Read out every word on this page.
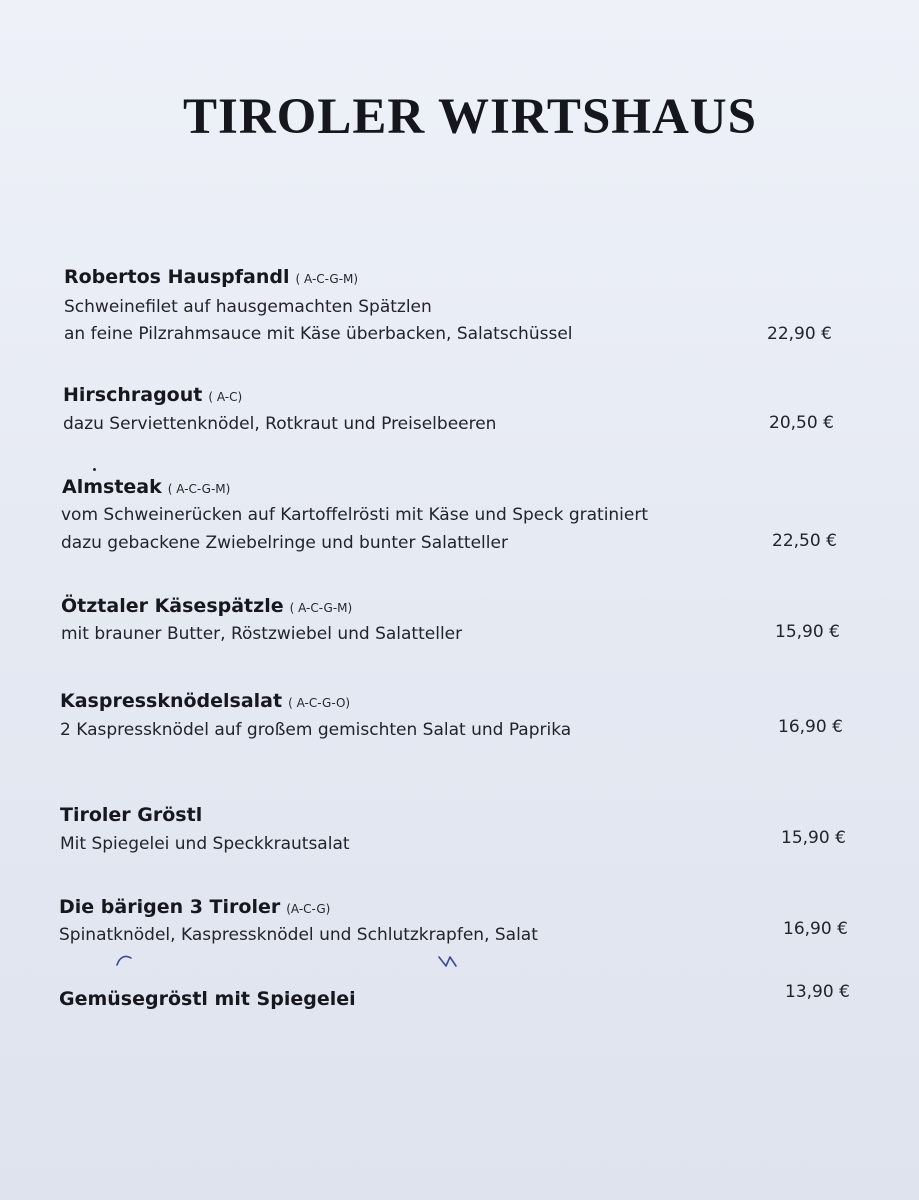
TIROLER WIRTSHAUS
Robertos Hauspfandl ( A-C-G-M)
Schweinefilet auf hausgemachten Spätzlen
an feine Pilzrahmsauce mit Käse überbacken, Salatschüssel	22,90 €
Hirschragout ( A-C)
dazu Serviettenknödel, Rotkraut und Preiselbeeren	20,50 €
Almsteak ( A-C-G-M)
vom Schweinerücken auf Kartoffelrösti mit Käse und Speck gratiniert
dazu gebackene Zwiebelringe und bunter Salatteller	22,50 €
Ötztaler Käsespätzle ( A-C-G-M)
mit brauner Butter, Röstzwiebel und Salatteller	15,90 €
Kaspressknödelsalat ( A-C-G-O)
2 Kaspressknödel auf großem gemischten Salat und Paprika	16,90 €
Tiroler Gröstl
Mit Spiegelei und Speckkrautsalat	15,90 €
Die bärigen 3 Tiroler (A-C-G)
Spinatknödel, Kaspressknödel und Schlutzkrapfen, Salat	16,90 €
Gemüsegröstl mit Spiegelei	13,90 €
